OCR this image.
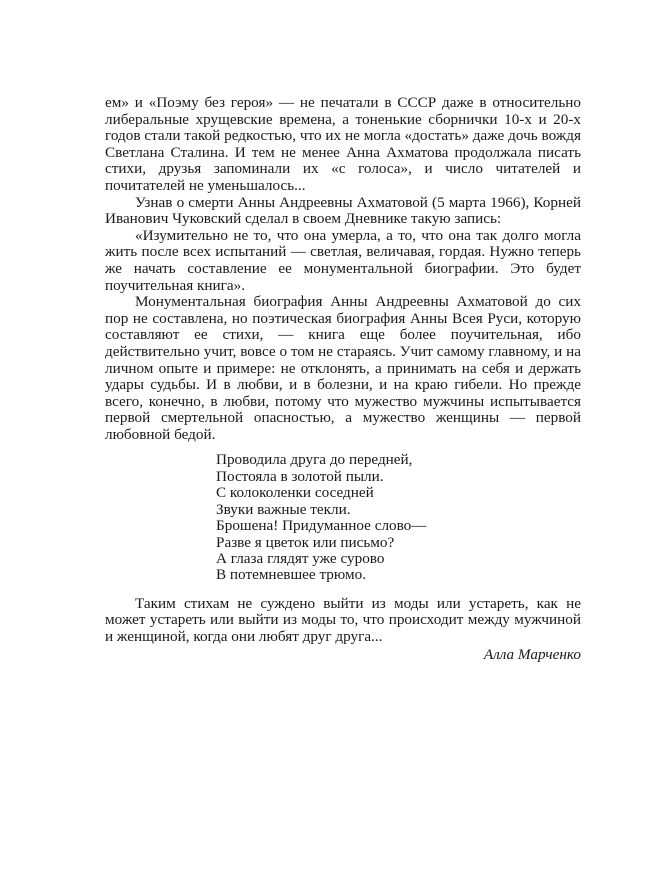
ем» и «Поэму без героя» — не печатали в СССР даже в относительно либеральные хрущевские времена, а тоненькие сборнички 10-х и 20-х годов стали такой редкостью, что их не могла «достать» даже дочь вождя Светлана Сталина. И тем не менее Анна Ахматова продолжала писать стихи, друзья запоминали их «с голоса», и число читателей и почитателей не уменьшалось...

Узнав о смерти Анны Андреевны Ахматовой (5 марта 1966), Корней Иванович Чуковский сделал в своем Дневнике такую запись:

«Изумительно не то, что она умерла, а то, что она так долго могла жить после всех испытаний — светлая, величавая, гордая. Нужно теперь же начать составление ее монументальной биографии. Это будет поучительная книга».

Монументальная биография Анны Андреевны Ахматовой до сих пор не составлена, но поэтическая биография Анны Всея Руси, которую составляют ее стихи, — книга еще более поучительная, ибо действительно учит, вовсе о том не стараясь. Учит самому главному, и на личном опыте и примере: не отклонять, а принимать на себя и держать удары судьбы. И в любви, и в болезни, и на краю гибели. Но прежде всего, конечно, в любви, потому что мужество мужчины испытывается первой смертельной опасностью, а мужество женщины — первой любовной бедой.

Проводила друга до передней,
Постояла в золотой пыли.
С колоколенки соседней
Звуки важные текли.
Брошена! Придуманное слово—
Разве я цветок или письмо?
А глаза глядят уже сурово
В потемневшее трюмо.

Таким стихам не суждено выйти из моды или устареть, как не может устареть или выйти из моды то, что происходит между мужчиной и женщиной, когда они любят друг друга...

Алла Марченко
